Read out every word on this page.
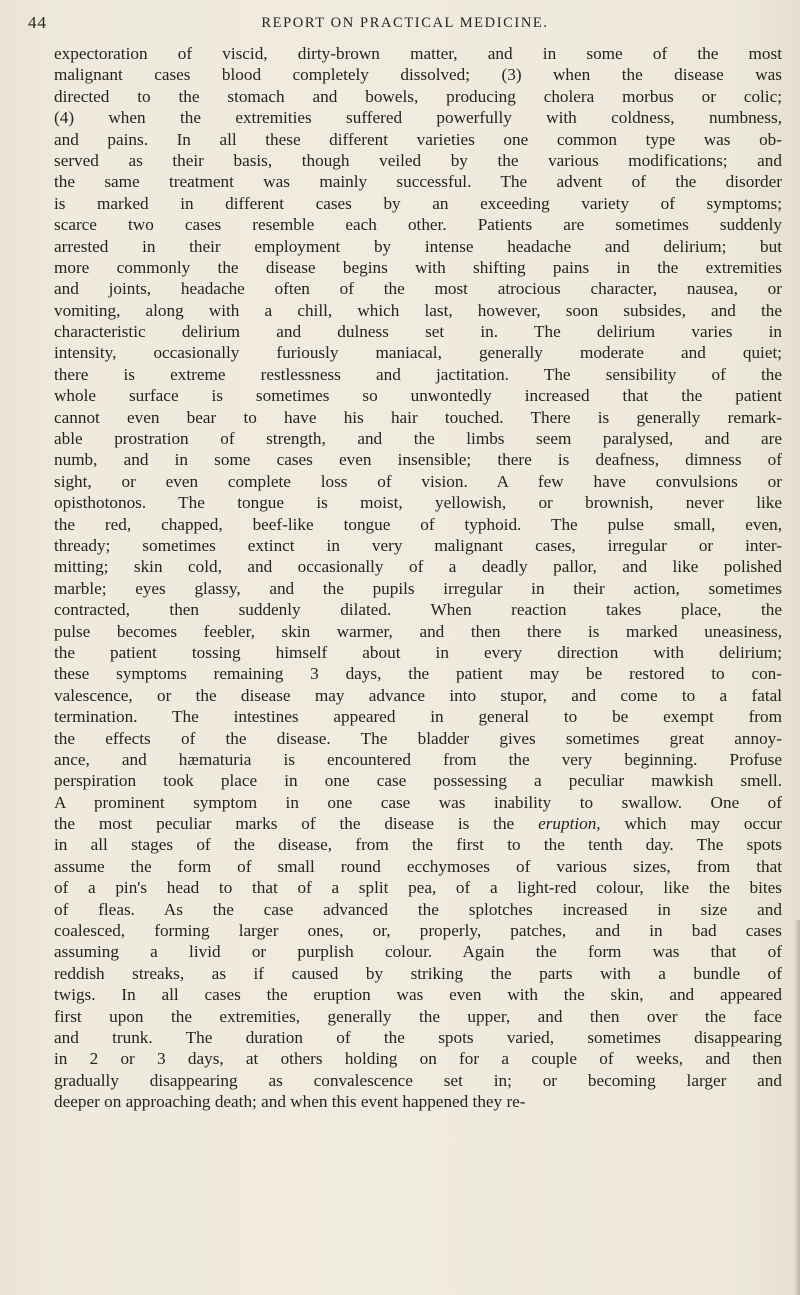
44	REPORT ON PRACTICAL MEDICINE.
expectoration of viscid, dirty-brown matter, and in some of the most
malignant cases blood completely dissolved; (3) when the disease was
directed to the stomach and bowels, producing cholera morbus or colic;
(4) when the extremities suffered powerfully with coldness, numbness,
and pains. In all these different varieties one common type was ob-
served as their basis, though veiled by the various modifications; and
the same treatment was mainly successful. The advent of the disorder
is marked in different cases by an exceeding variety of symptoms;
scarce two cases resemble each other. Patients are sometimes suddenly
arrested in their employment by intense headache and delirium; but
more commonly the disease begins with shifting pains in the extremities
and joints, headache often of the most atrocious character, nausea, or
vomiting, along with a chill, which last, however, soon subsides, and the
characteristic delirium and dulness set in. The delirium varies in
intensity, occasionally furiously maniacal, generally moderate and quiet;
there is extreme restlessness and jactitation. The sensibility of the
whole surface is sometimes so unwontedly increased that the patient
cannot even bear to have his hair touched. There is generally remark-
able prostration of strength, and the limbs seem paralysed, and are
numb, and in some cases even insensible; there is deafness, dimness of
sight, or even complete loss of vision. A few have convulsions or
opisthotonos. The tongue is moist, yellowish, or brownish, never like
the red, chapped, beef-like tongue of typhoid. The pulse small, even,
thready; sometimes extinct in very malignant cases, irregular or inter-
mitting; skin cold, and occasionally of a deadly pallor, and like polished
marble; eyes glassy, and the pupils irregular in their action, sometimes
contracted, then suddenly dilated. When reaction takes place, the
pulse becomes feebler, skin warmer, and then there is marked uneasiness,
the patient tossing himself about in every direction with delirium;
these symptoms remaining 3 days, the patient may be restored to con-
valescence, or the disease may advance into stupor, and come to a fatal
termination. The intestines appeared in general to be exempt from
the effects of the disease. The bladder gives sometimes great annoy-
ance, and hæmaturia is encountered from the very beginning. Profuse
perspiration took place in one case possessing a peculiar mawkish smell.
A prominent symptom in one case was inability to swallow. One of
the most peculiar marks of the disease is the eruption, which may occur
in all stages of the disease, from the first to the tenth day. The spots
assume the form of small round ecchymoses of various sizes, from that
of a pin's head to that of a split pea, of a light-red colour, like the bites
of fleas. As the case advanced the splotches increased in size and
coalesced, forming larger ones, or, properly, patches, and in bad cases
assuming a livid or purplish colour. Again the form was that of
reddish streaks, as if caused by striking the parts with a bundle of
twigs. In all cases the eruption was even with the skin, and appeared
first upon the extremities, generally the upper, and then over the face
and trunk. The duration of the spots varied, sometimes disappearing
in 2 or 3 days, at others holding on for a couple of weeks, and then
gradually disappearing as convalescence set in; or becoming larger and
deeper on approaching death; and when this event happened they re-
